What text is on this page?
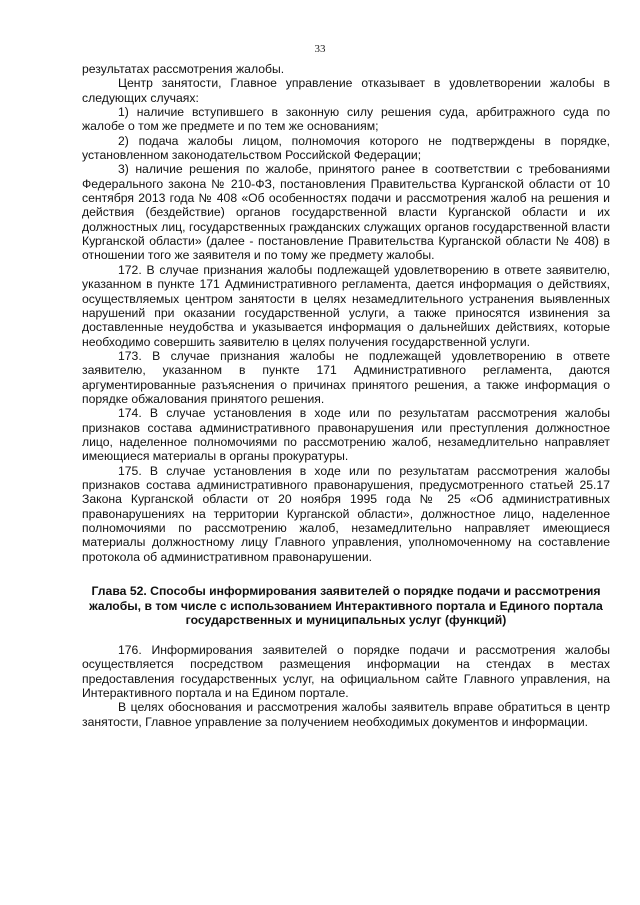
33

результатах рассмотрения жалобы.

Центр занятости, Главное управление отказывает в удовлетворении жалобы в следующих случаях:

1) наличие вступившего в законную силу решения суда, арбитражного суда по жалобе о том же предмете и по тем же основаниям;

2) подача жалобы лицом, полномочия которого не подтверждены в порядке, установленном законодательством Российской Федерации;

3) наличие решения по жалобе, принятого ранее в соответствии с требованиями Федерального закона № 210-ФЗ, постановления Правительства Курганской области от 10 сентября 2013 года № 408 «Об особенностях подачи и рассмотрения жалоб на решения и действия (бездействие) органов государственной власти Курганской области и их должностных лиц, государственных гражданских служащих органов государственной власти Курганской области» (далее - постановление Правительства Курганской области № 408) в отношении того же заявителя и по тому же предмету жалобы.

172. В случае признания жалобы подлежащей удовлетворению в ответе заявителю, указанном в пункте 171 Административного регламента, дается информация о действиях, осуществляемых центром занятости в целях незамедлительного устранения выявленных нарушений при оказании государственной услуги, а также приносятся извинения за доставленные неудобства и указывается информация о дальнейших действиях, которые необходимо совершить заявителю в целях получения государственной услуги.

173. В случае признания жалобы не подлежащей удовлетворению в ответе заявителю, указанном в пункте 171 Административного регламента, даются аргументированные разъяснения о причинах принятого решения, а также информация о порядке обжалования принятого решения.

174. В случае установления в ходе или по результатам рассмотрения жалобы признаков состава административного правонарушения или преступления должностное лицо, наделенное полномочиями по рассмотрению жалоб, незамедлительно направляет имеющиеся материалы в органы прокуратуры.

175. В случае установления в ходе или по результатам рассмотрения жалобы признаков состава административного правонарушения, предусмотренного статьей 25.17 Закона Курганской области от 20 ноября 1995 года № 25 «Об административных правонарушениях на территории Курганской области», должностное лицо, наделенное полномочиями по рассмотрению жалоб, незамедлительно направляет имеющиеся материалы должностному лицу Главного управления, уполномоченному на составление протокола об административном правонарушении.

Глава 52. Способы информирования заявителей о порядке подачи и рассмотрения жалобы, в том числе с использованием Интерактивного портала и Единого портала государственных и муниципальных услуг (функций)

176. Информирования заявителей о порядке подачи и рассмотрения жалобы осуществляется посредством размещения информации на стендах в местах предоставления государственных услуг, на официальном сайте Главного управления, на Интерактивного портала и на Едином портале.

В целях обоснования и рассмотрения жалобы заявитель вправе обратиться в центр занятости, Главное управление за получением необходимых документов и информации.
